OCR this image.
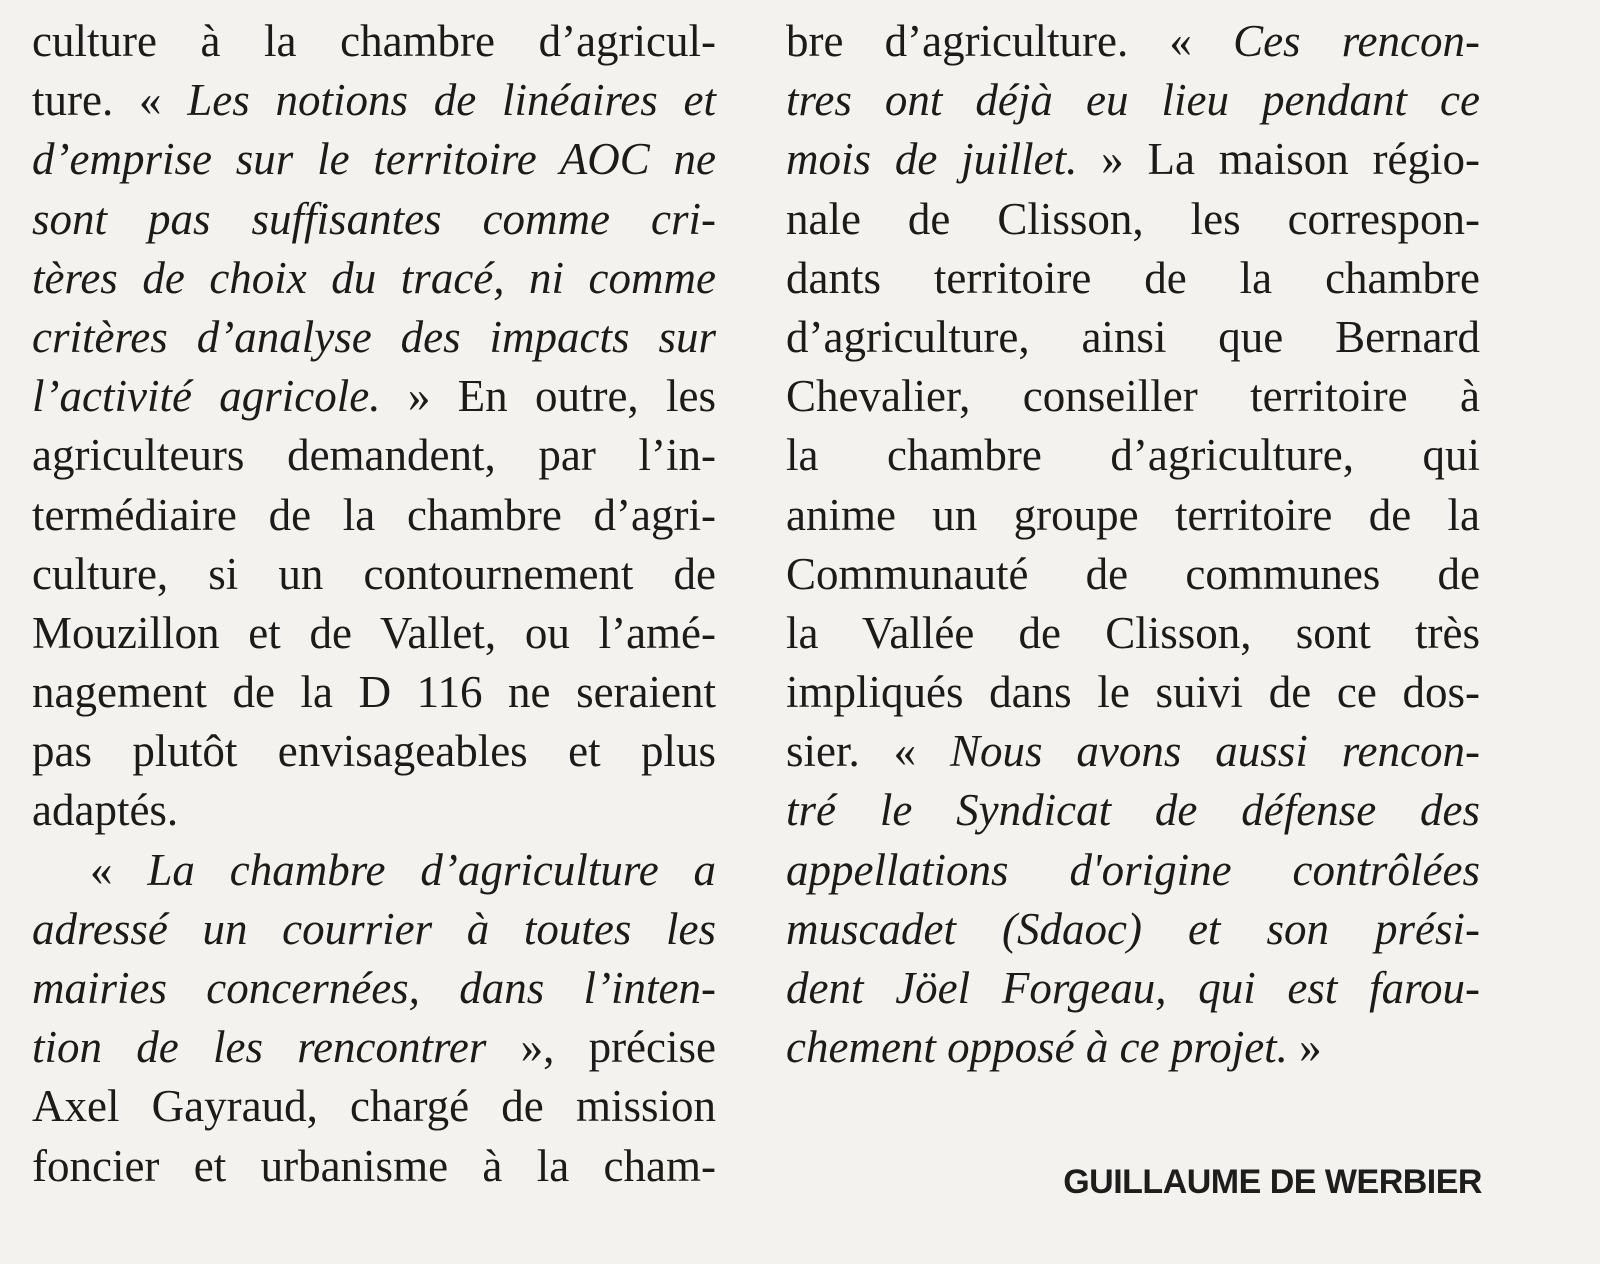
culture à la chambre d’agricul-
ture. « Les notions de linéaires et
d’emprise sur le territoire AOC ne
sont pas suffisantes comme cri-
tères de choix du tracé, ni comme
critères d’analyse des impacts sur
l’activité agricole. » En outre, les
agriculteurs demandent, par l’in-
termédiaire de la chambre d’agri-
culture, si un contournement de
Mouzillon et de Vallet, ou l’amé-
nagement de la D 116 ne seraient
pas plutôt envisageables et plus
adaptés.
« La chambre d’agriculture a
adressé un courrier à toutes les
mairies concernées, dans l’inten-
tion de les rencontrer », précise
Axel Gayraud, chargé de mission
foncier et urbanisme à la cham-
bre d’agriculture. « Ces rencon-
tres ont déjà eu lieu pendant ce
mois de juillet. » La maison régio-
nale de Clisson, les correspon-
dants territoire de la chambre
d’agriculture, ainsi que Bernard
Chevalier, conseiller territoire à
la chambre d’agriculture, qui
anime un groupe territoire de la
Communauté de communes de
la Vallée de Clisson, sont très
impliqués dans le suivi de ce dos-
sier. « Nous avons aussi rencon-
tré le Syndicat de défense des
appellations d'origine contrôlées
muscadet (Sdaoc) et son prési-
dent Jöel Forgeau, qui est farou-
chement opposé à ce projet. »
GUILLAUME DE WERBIER
